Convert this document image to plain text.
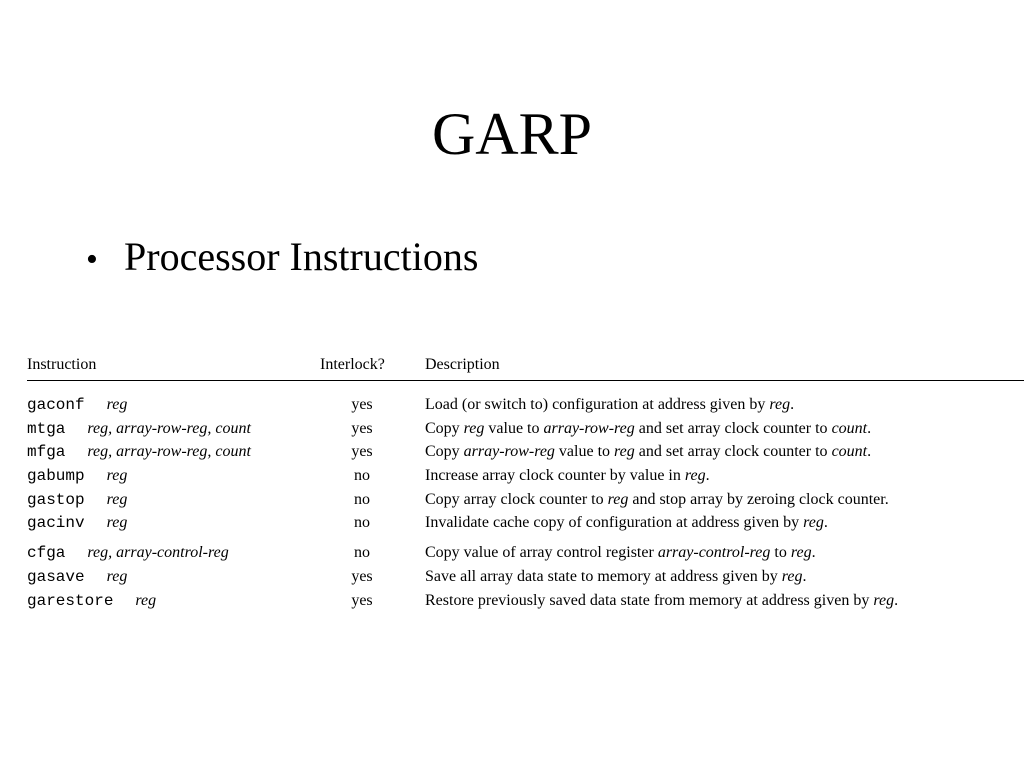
GARP
• Processor Instructions
Instruction	Interlock?	Description
gaconf reg	yes	Load (or switch to) configuration at address given by reg.
mtga reg, array-row-reg, count	yes	Copy reg value to array-row-reg and set array clock counter to count.
mfga reg, array-row-reg, count	yes	Copy array-row-reg value to reg and set array clock counter to count.
gabump reg	no	Increase array clock counter by value in reg.
gastop reg	no	Copy array clock counter to reg and stop array by zeroing clock counter.
gacinv reg	no	Invalidate cache copy of configuration at address given by reg.
cfga reg, array-control-reg	no	Copy value of array control register array-control-reg to reg.
gasave reg	yes	Save all array data state to memory at address given by reg.
garestore reg	yes	Restore previously saved data state from memory at address given by reg.
